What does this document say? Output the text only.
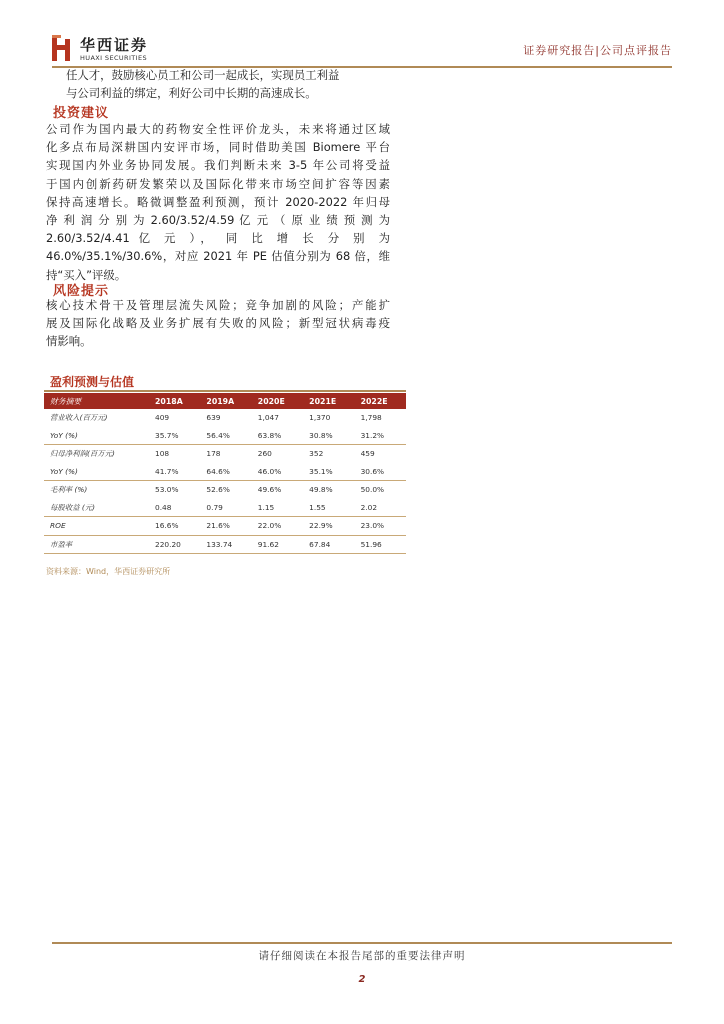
华西证券
HUAXI SECURITIES
证券研究报告|公司点评报告
任人才，鼓励核心员工和公司一起成长，实现员工利益
与公司利益的绑定，利好公司中长期的高速成长。
投资建议
公司作为国内最大的药物安全性评价龙头，未来将通过区域
化多点布局深耕国内安评市场，同时借助美国 Biomere 平台
实现国内外业务协同发展。我们判断未来 3-5 年公司将受益
于国内创新药研发繁荣以及国际化带来市场空间扩容等因素
保持高速增长。略微调整盈利预测，预计 2020-2022 年归母
净 利 润 分 别 为 2.60/3.52/4.59 亿 元 （ 原 业 绩 预 测 为
2.60/3.52/4.41 亿 元 ）， 同 比 增 长 分 别 为
46.0%/35.1%/30.6%，对应 2021 年 PE 估值分别为 68 倍，维
持“买入”评级。
风险提示
核心技术骨干及管理层流失风险；竞争加剧的风险；产能扩
展及国际化战略及业务扩展有失败的风险；新型冠状病毒疫
情影响。
盈利预测与估值
财务摘要	2018A	2019A	2020E	2021E	2022E
营业收入(百万元)	409	639	1,047	1,370	1,798
YoY (%)	35.7%	56.4%	63.8%	30.8%	31.2%
归母净利润(百万元)	108	178	260	352	459
YoY (%)	41.7%	64.6%	46.0%	35.1%	30.6%
毛利率 (%)	53.0%	52.6%	49.6%	49.8%	50.0%
每股收益 (元)	0.48	0.79	1.15	1.55	2.02
ROE	16.6%	21.6%	22.0%	22.9%	23.0%
市盈率	220.20	133.74	91.62	67.84	51.96
资料来源：Wind，华西证券研究所
请仔细阅读在本报告尾部的重要法律声明
2
